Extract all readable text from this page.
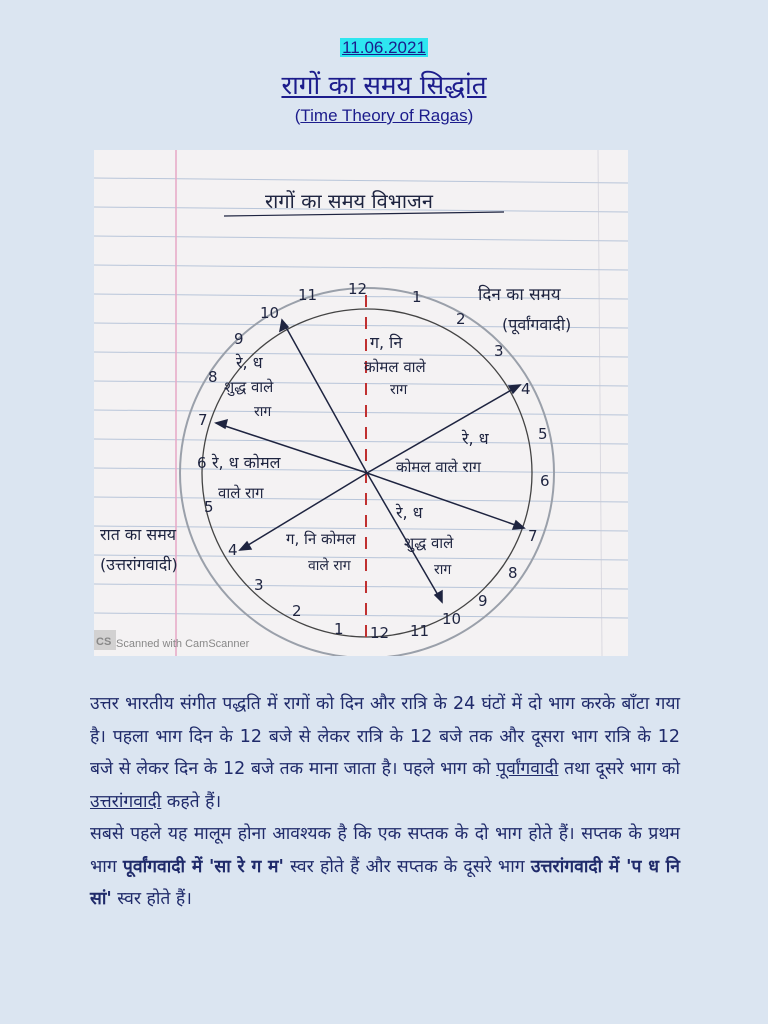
11.06.2021
रागों का समय सिद्धांत
(Time Theory of Ragas)
रागों का समय विभाजन
12	1
2
3
4
5
6
7
8
9
10
11
12
1
2
3
4
5
6
7
8
9
10
11	दिन का समय
(पूर्वांगवादी)
रात का समय
(उत्तरांगवादी)
ग, नि
कोमल वाले
राग
रे, ध
शुद्ध वाले
राग
रे, ध कोमल
वाले राग
रे, ध
कोमल वाले राग
ग, नि कोमल
वाले राग
रे, ध
शुद्ध वाले
राग
CS Scanned with CamScanner

उत्तर भारतीय संगीत पद्धति में रागों को दिन और रात्रि के 24 घंटों में दो भाग करके बाँटा गया है। पहला भाग दिन के 12 बजे से लेकर रात्रि के 12 बजे तक और दूसरा भाग रात्रि के 12 बजे से लेकर दिन के 12 बजे तक माना जाता है। पहले भाग को पूर्वांगवादी तथा दूसरे भाग को उत्तरांगवादी कहते हैं।

सबसे पहले यह मालूम होना आवश्यक है कि एक सप्तक के दो भाग होते हैं। सप्तक के प्रथम भाग पूर्वांगवादी में 'सा रे ग म' स्वर होते हैं और सप्तक के दूसरे भाग उत्तरांगवादी में 'प ध नि सां' स्वर होते हैं।
